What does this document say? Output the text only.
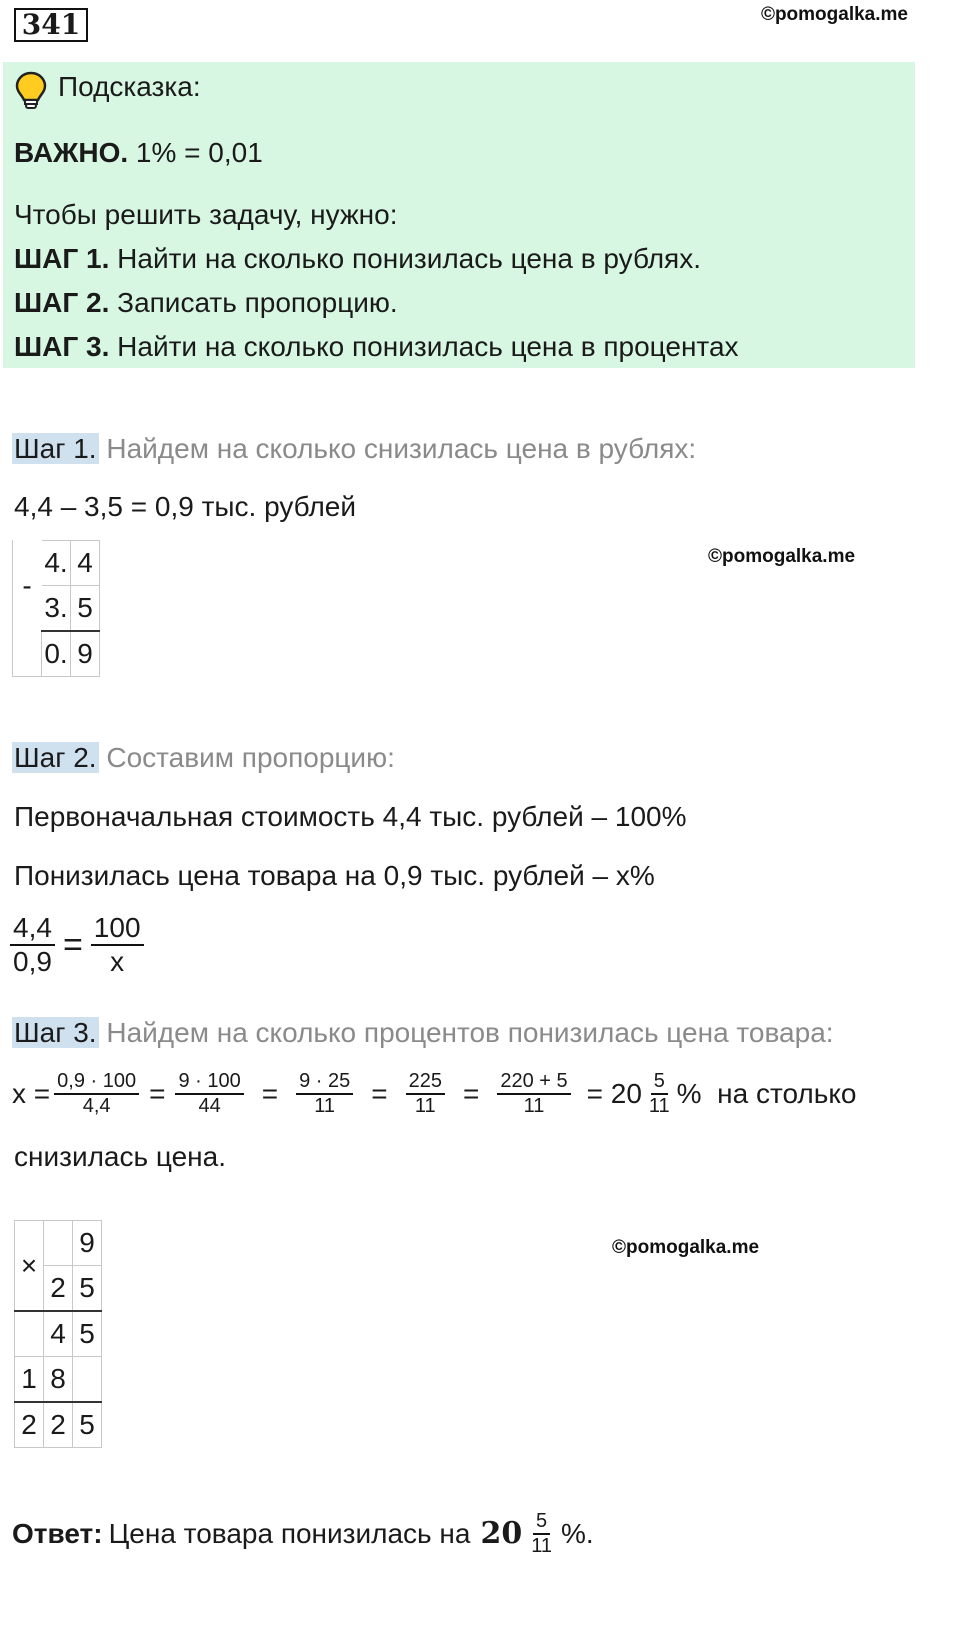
341	©pomogalka.me
Подсказка:
ВАЖНО. 1% = 0,01
Чтобы решить задачу, нужно:
ШАГ 1. Найти на сколько понизилась цена в рублях.
ШАГ 2. Записать пропорцию.
ШАГ 3. Найти на сколько понизилась цена в процентах
Шаг 1. Найдем на сколько снизилась цена в рублях:
4,4 – 3,5 = 0,9 тыс. рублей
-	4.	4
	3.	5
	0.	9
©pomogalka.me
Шаг 2. Составим пропорцию:
Первоначальная стоимость 4,4 тыс. рублей – 100%
Понизилась цена товара на 0,9 тыс. рублей – x%
$\frac{4,4}{0,9} = \frac{100}{x}$
Шаг 3. Найдем на сколько процентов понизилась цена товара:
$x = \frac{0,9 \cdot 100}{4,4} = \frac{9 \cdot 100}{44} = \frac{9 \cdot 25}{11} = \frac{225}{11} = \frac{220 + 5}{11} = 20 \frac{5}{11}$ %  на столько
снизилась цена.
×		9
	2	5
	4	5
1	8	
2	2	5
©pomogalka.me
Ответ: Цена товара понизилась на $20 \frac{5}{11}$ %.
